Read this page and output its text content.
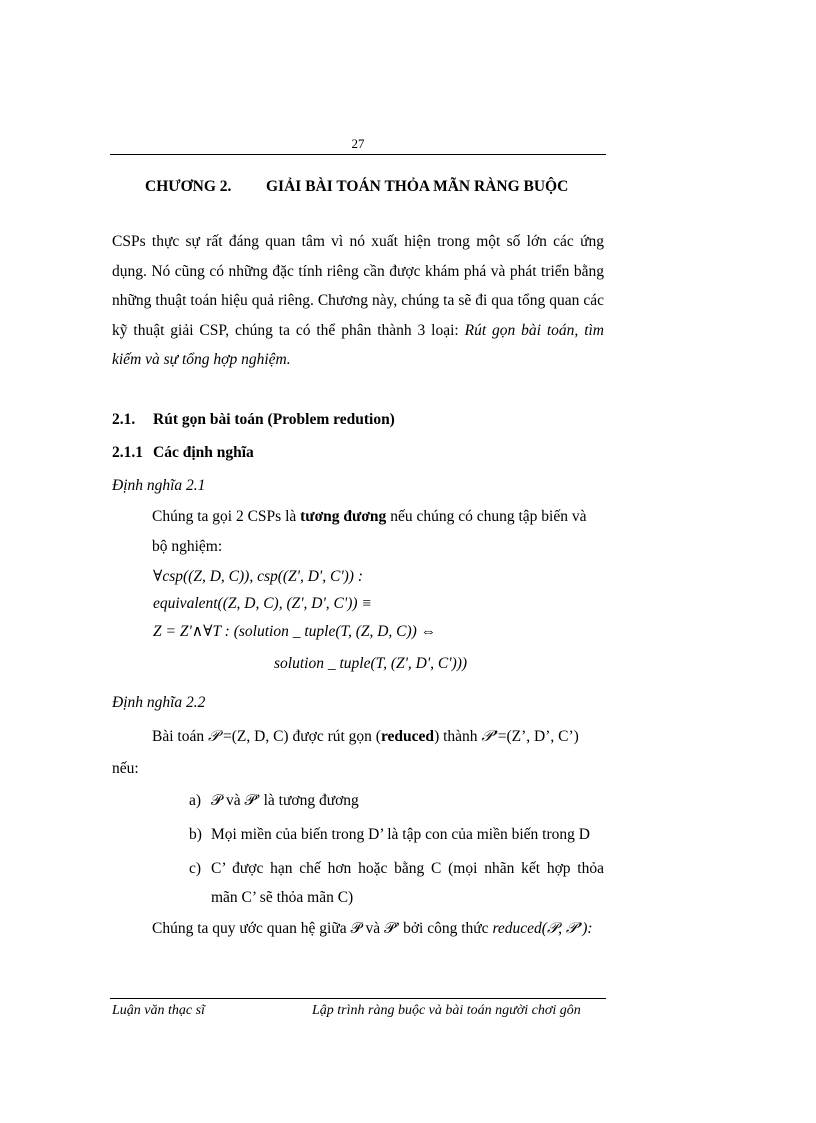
27
CHƯƠNG 2. GIẢI BÀI TOÁN THỎA MÃN RÀNG BUỘC
CSPs thực sự rất đáng quan tâm vì nó xuất hiện trong một số lớn các ứng dụng. Nó cũng có những đặc tính riêng cần được khám phá và phát triển bằng những thuật toán hiệu quả riêng. Chương này, chúng ta sẽ đi qua tổng quan các kỹ thuật giải CSP, chúng ta có thể phân thành 3 loại: Rút gọn bài toán, tìm kiếm và sự tổng hợp nghiệm.
2.1. Rút gọn bài toán (Problem redution)
2.1.1 Các định nghĩa
Định nghĩa 2.1
Chúng ta gọi 2 CSPs là tương đương nếu chúng có chung tập biến và
bộ nghiệm:
∀csp((Z, D, C)), csp((Z', D', C')) :
equivalent((Z, D, C), (Z', D', C')) ≡
Z = Z'∧∀T : (solution _ tuple(T, (Z, D, C)) ⇔
solution _ tuple(T, (Z', D', C')))
Định nghĩa 2.2
Bài toán 𝒫 =(Z, D, C) được rút gọn (reduced) thành 𝒫’=(Z’, D’, C’)
nếu:
a) 𝒫 và 𝒫’ là tương đương
b) Mọi miền của biến trong D’ là tập con của miền biến trong D
c) C’ được hạn chế hơn hoặc bằng C (mọi nhãn kết hợp thỏa
mãn C’ sẽ thỏa mãn C)
Chúng ta quy ước quan hệ giữa 𝒫 và 𝒫’ bởi công thức reduced(𝒫, 𝒫’):
Luận văn thạc sĩ	Lập trình ràng buộc và bài toán người chơi gôn
